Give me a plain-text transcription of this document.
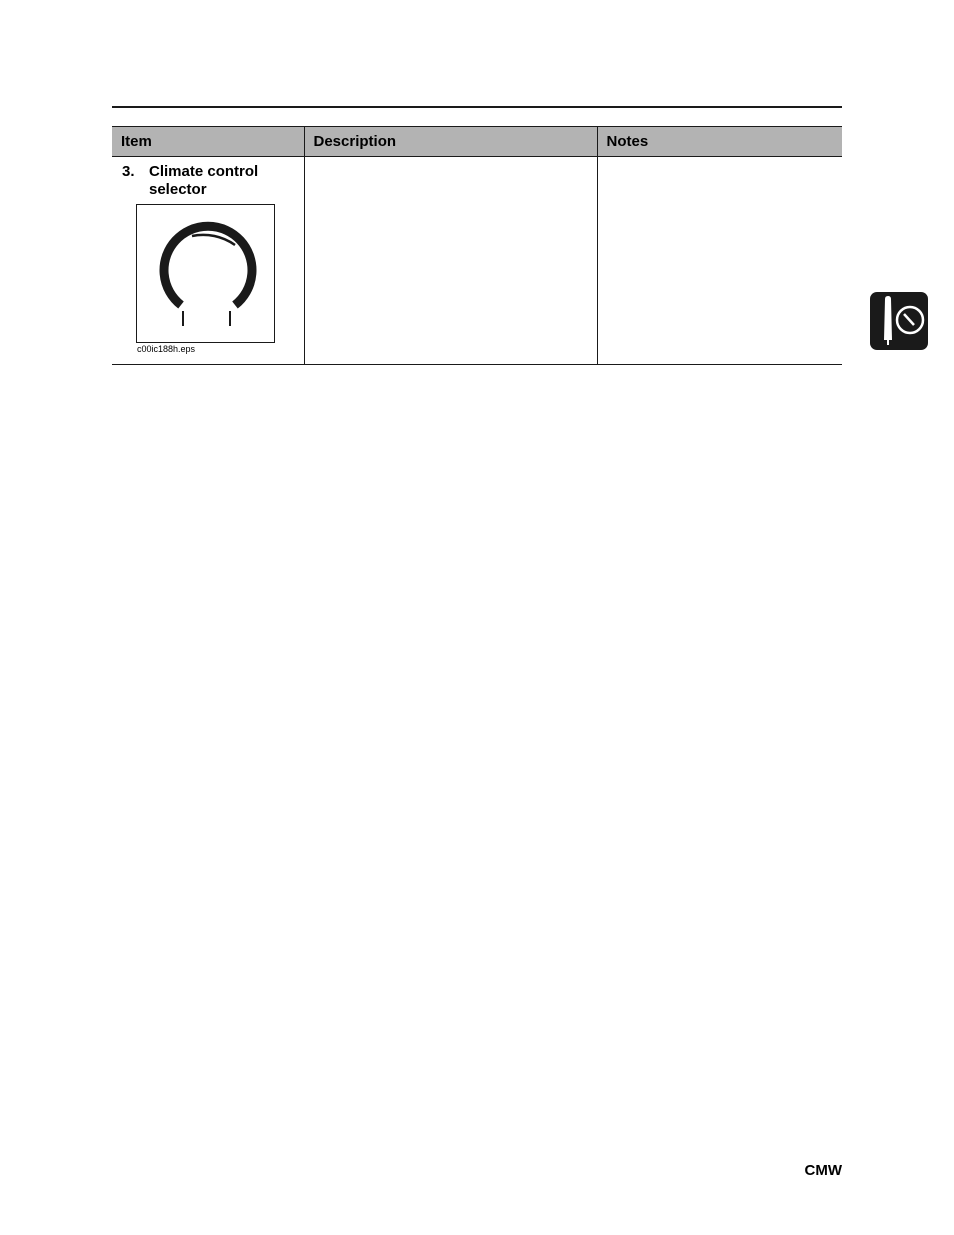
Item	Description	Notes

3. Climate control selector
c00ic188h.eps		

CMW
